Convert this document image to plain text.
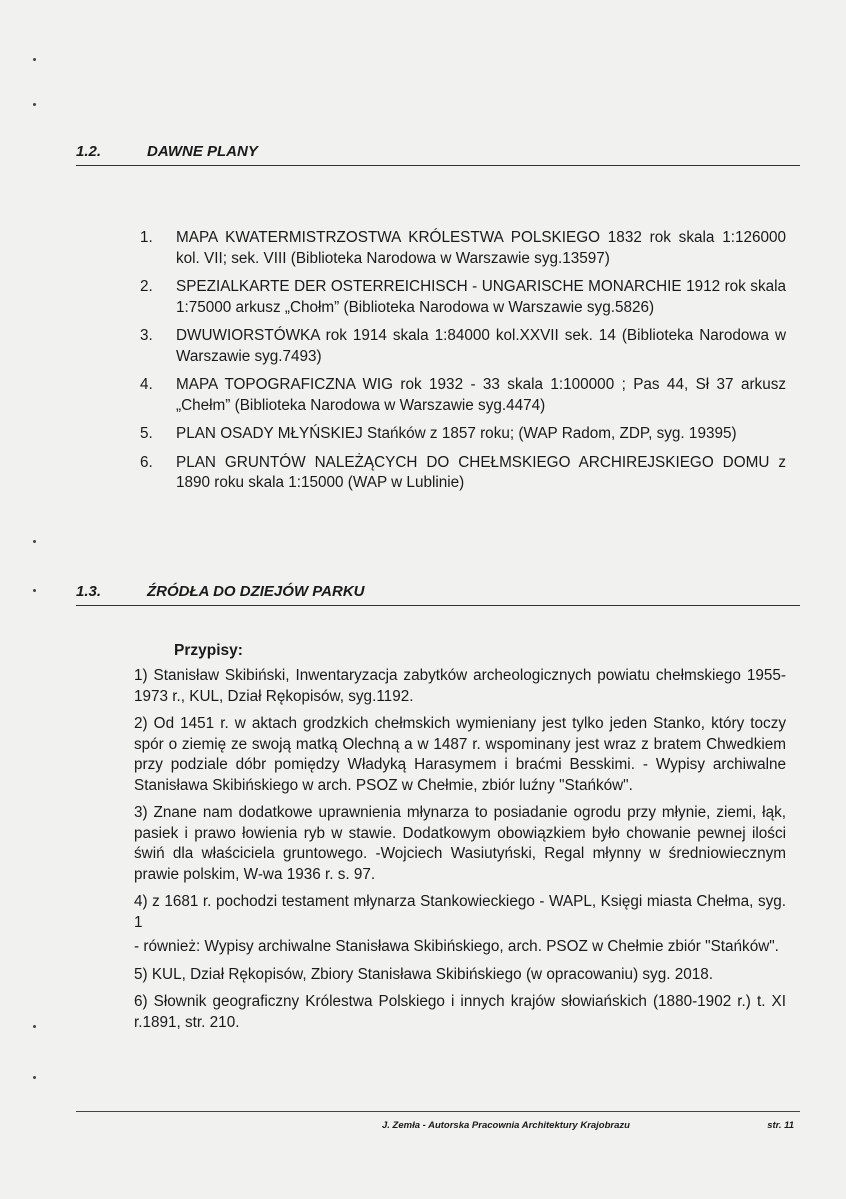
1.2.	DAWNE PLANY
1. MAPA KWATERMISTRZOSTWA KRÓLESTWA POLSKIEGO 1832 rok skala 1:126000 kol. VII; sek. VIII (Biblioteka Narodowa w Warszawie syg.13597)
2. SPEZIALKARTE DER OSTERREICHISCH - UNGARISCHE MONARCHIE 1912 rok skala 1:75000 arkusz „Chołm” (Biblioteka Narodowa w Warszawie syg.5826)
3. DWUWIORSTÓWKA rok 1914 skala 1:84000 kol.XXVII sek. 14 (Biblioteka Narodowa w Warszawie syg.7493)
4. MAPA TOPOGRAFICZNA WIG rok 1932 - 33 skala 1:100000 ; Pas 44, Sł 37 arkusz „Chełm” (Biblioteka Narodowa w Warszawie syg.4474)
5. PLAN OSADY MŁYŃSKIEJ Stańków z 1857 roku; (WAP Radom, ZDP, syg. 19395)
6. PLAN GRUNTÓW NALEŻĄCYCH DO CHEŁMSKIEGO ARCHIREJSKIEGO DOMU z 1890 roku skala 1:15000 (WAP w Lublinie)
1.3.	ŹRÓDŁA DO DZIEJÓW PARKU
Przypisy:
1) Stanisław Skibiński, Inwentaryzacja zabytków archeologicznych powiatu chełmskiego 1955-1973 r., KUL, Dział Rękopisów, syg.1192.
2) Od 1451 r. w aktach grodzkich chełmskich wymieniany jest tylko jeden Stanko, który toczy spór o ziemię ze swoją matką Olechną a w 1487 r. wspominany jest wraz z bratem Chwedkiem przy podziale dóbr pomiędzy Władyką Harasymem i braćmi Besskimi. - Wypisy archiwalne Stanisława Skibińskiego w arch. PSOZ w Chełmie, zbiór luźny "Stańków".
3) Znane nam dodatkowe uprawnienia młynarza to posiadanie ogrodu przy młynie, ziemi, łąk, pasiek i prawo łowienia ryb w stawie. Dodatkowym obowiązkiem było chowanie pewnej ilości świń dla właściciela gruntowego. -Wojciech Wasiutyński, Regal młynny w średniowiecznym prawie polskim, W-wa 1936 r. s. 97.
4) z 1681 r. pochodzi testament młynarza Stankowieckiego - WAPL, Księgi miasta Chełma, syg. 1
- również: Wypisy archiwalne Stanisława Skibińskiego, arch. PSOZ w Chełmie zbiór "Stańków".
5) KUL, Dział Rękopisów, Zbiory Stanisława Skibińskiego (w opracowaniu) syg. 2018.
6) Słownik geograficzny Królestwa Polskiego i innych krajów słowiańskich (1880-1902 r.) t. XI r.1891, str. 210.
J. Zemła - Autorska Pracownia Architektury Krajobrazu	str. 11
